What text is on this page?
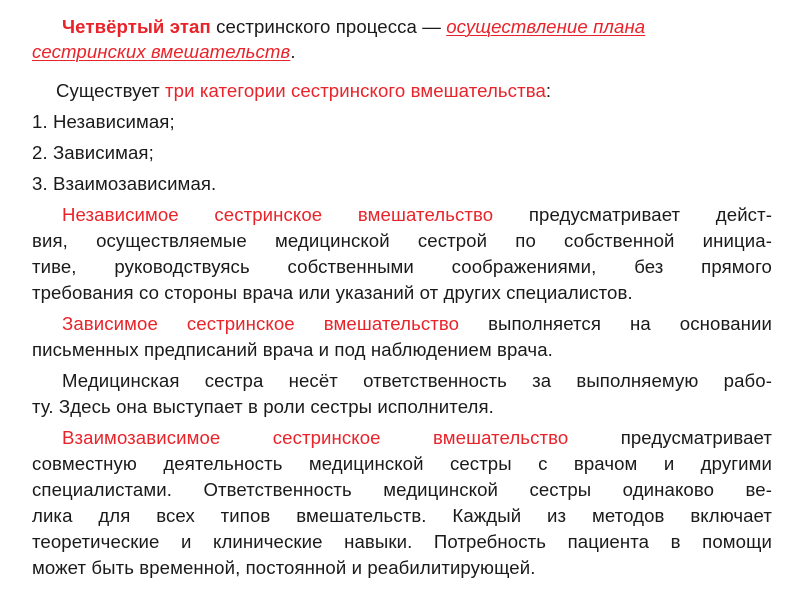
Четвёртый этап сестринского процесса — осуществление плана
сестринских вмешательств.
Существует три категории сестринского вмешательства:
1. Независимая;
2. Зависимая;
3. Взаимозависимая.
Независимое сестринское вмешательство предусматривает дейст-
вия, осуществляемые медицинской сестрой по собственной инициа-
тиве, руководствуясь собственными соображениями, без прямого
требования со стороны врача или указаний от других специалистов.
Зависимое сестринское вмешательство выполняется на основании
письменных предписаний врача и под наблюдением врача.
Медицинская сестра несёт ответственность за выполняемую рабо-
ту. Здесь она выступает в роли сестры исполнителя.
Взаимозависимое сестринское вмешательство предусматривает
совместную деятельность медицинской сестры с врачом и другими
специалистами. Ответственность медицинской сестры одинаково ве-
лика для всех типов вмешательств. Каждый из методов включает
теоретические и клинические навыки. Потребность пациента в помощи
может быть временной, постоянной и реабилитирующей.
